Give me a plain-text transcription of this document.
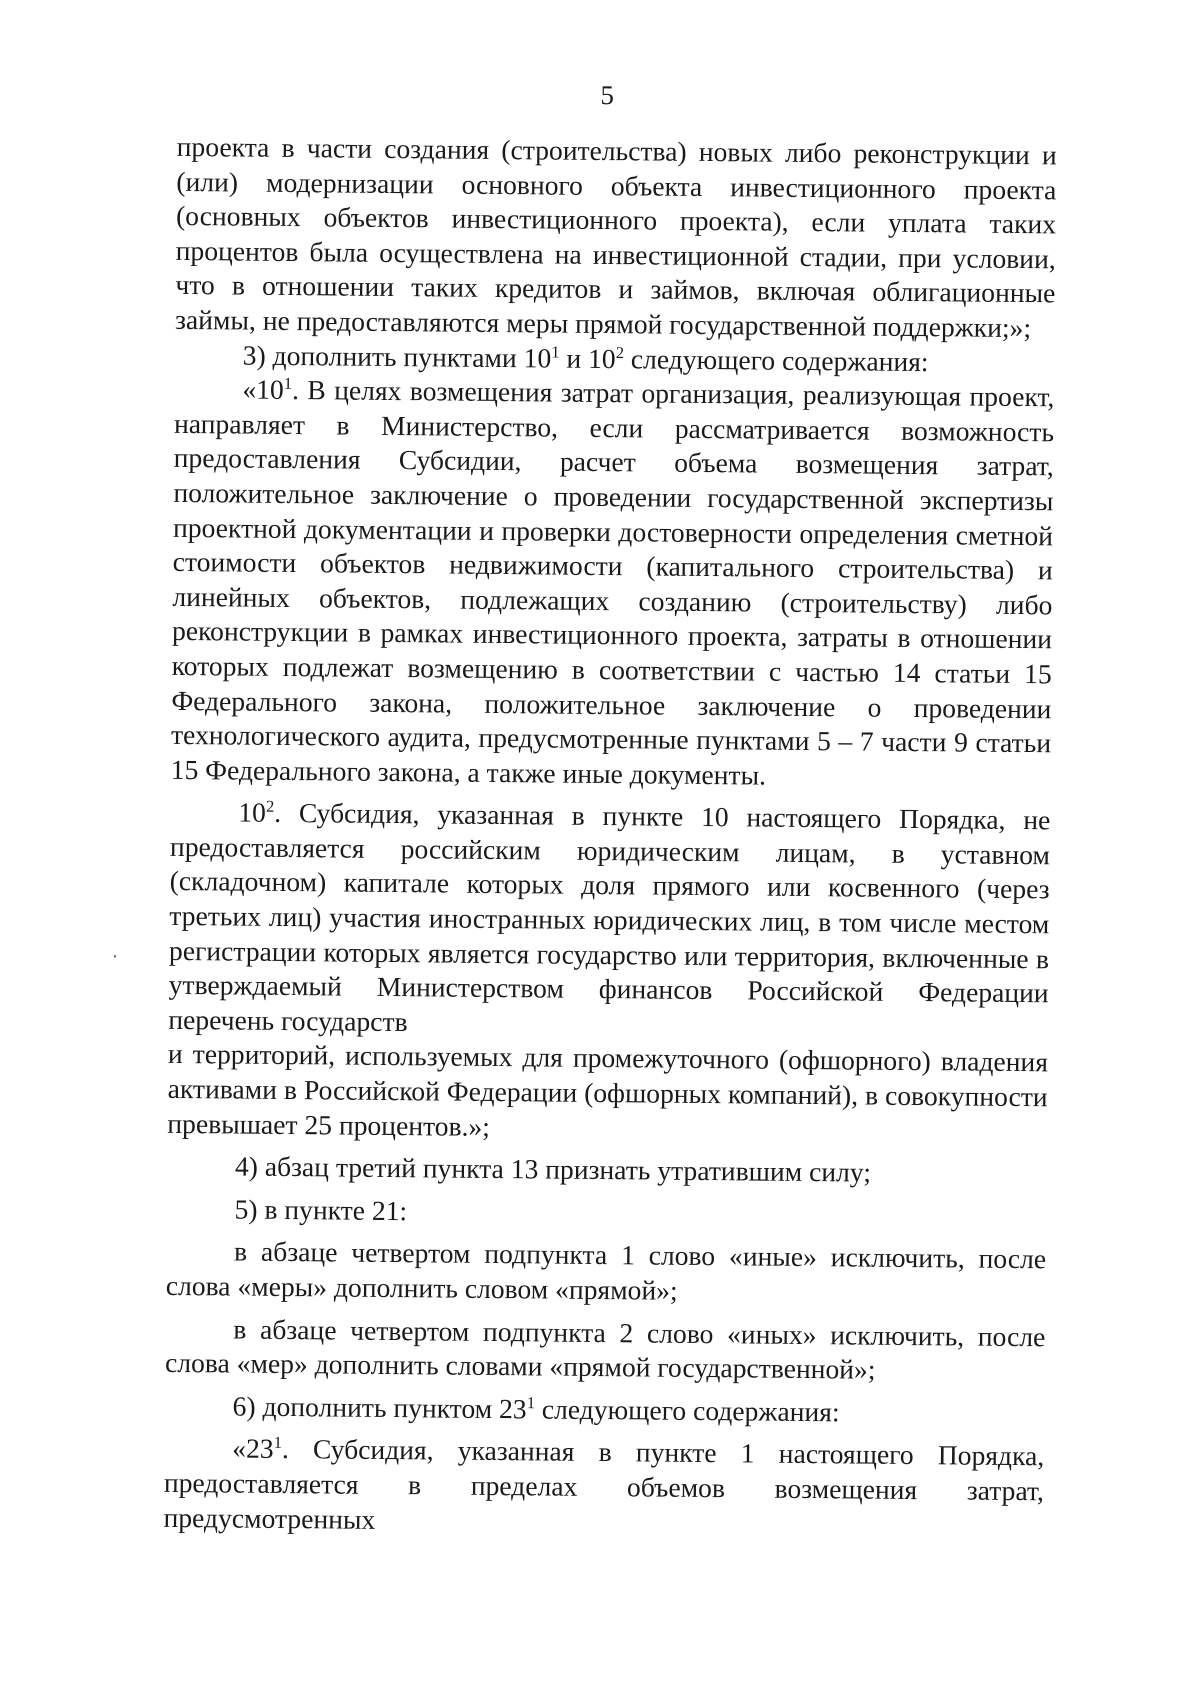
5

проекта в части создания (строительства) новых либо реконструкции и (или) модернизации основного объекта инвестиционного проекта (основных объектов инвестиционного проекта), если уплата таких процентов была осуществлена на инвестиционной стадии, при условии, что в отношении таких кредитов и займов, включая облигационные займы, не предоставляются меры прямой государственной поддержки;»;

3) дополнить пунктами $10^1$ и $10^2$ следующего содержания:

«$10^1$. В целях возмещения затрат организация, реализующая проект, направляет в Министерство, если рассматривается возможность предоставления Субсидии, расчет объема возмещения затрат, положительное заключение о проведении государственной экспертизы проектной документации и проверки достоверности определения сметной стоимости объектов недвижимости (капитального строительства) и линейных объектов, подлежащих созданию (строительству) либо реконструкции в рамках инвестиционного проекта, затраты в отношении которых подлежат возмещению в соответствии с частью 14 статьи 15 Федерального закона, положительное заключение о проведении технологического аудита, предусмотренные пунктами 5 – 7 части 9 статьи 15 Федерального закона, а также иные документы.

$10^2$. Субсидия, указанная в пункте 10 настоящего Порядка, не предоставляется российским юридическим лицам, в уставном (складочном) капитале которых доля прямого или косвенного (через третьих лиц) участия иностранных юридических лиц, в том числе местом регистрации которых является государство или территория, включенные в утверждаемый Министерством финансов Российской Федерации перечень государств

и территорий, используемых для промежуточного (офшорного) владения активами в Российской Федерации (офшорных компаний), в совокупности превышает 25 процентов.»;

4) абзац третий пункта 13 признать утратившим силу;

5) в пункте 21:

в абзаце четвертом подпункта 1 слово «иные» исключить, после слова «меры» дополнить словом «прямой»;

в абзаце четвертом подпункта 2 слово «иных» исключить, после слова «мер» дополнить словами «прямой государственной»;

6) дополнить пунктом $23^1$ следующего содержания:

«$23^1$. Субсидия, указанная в пункте 1 настоящего Порядка, предоставляется в пределах объемов возмещения затрат, предусмотренных
